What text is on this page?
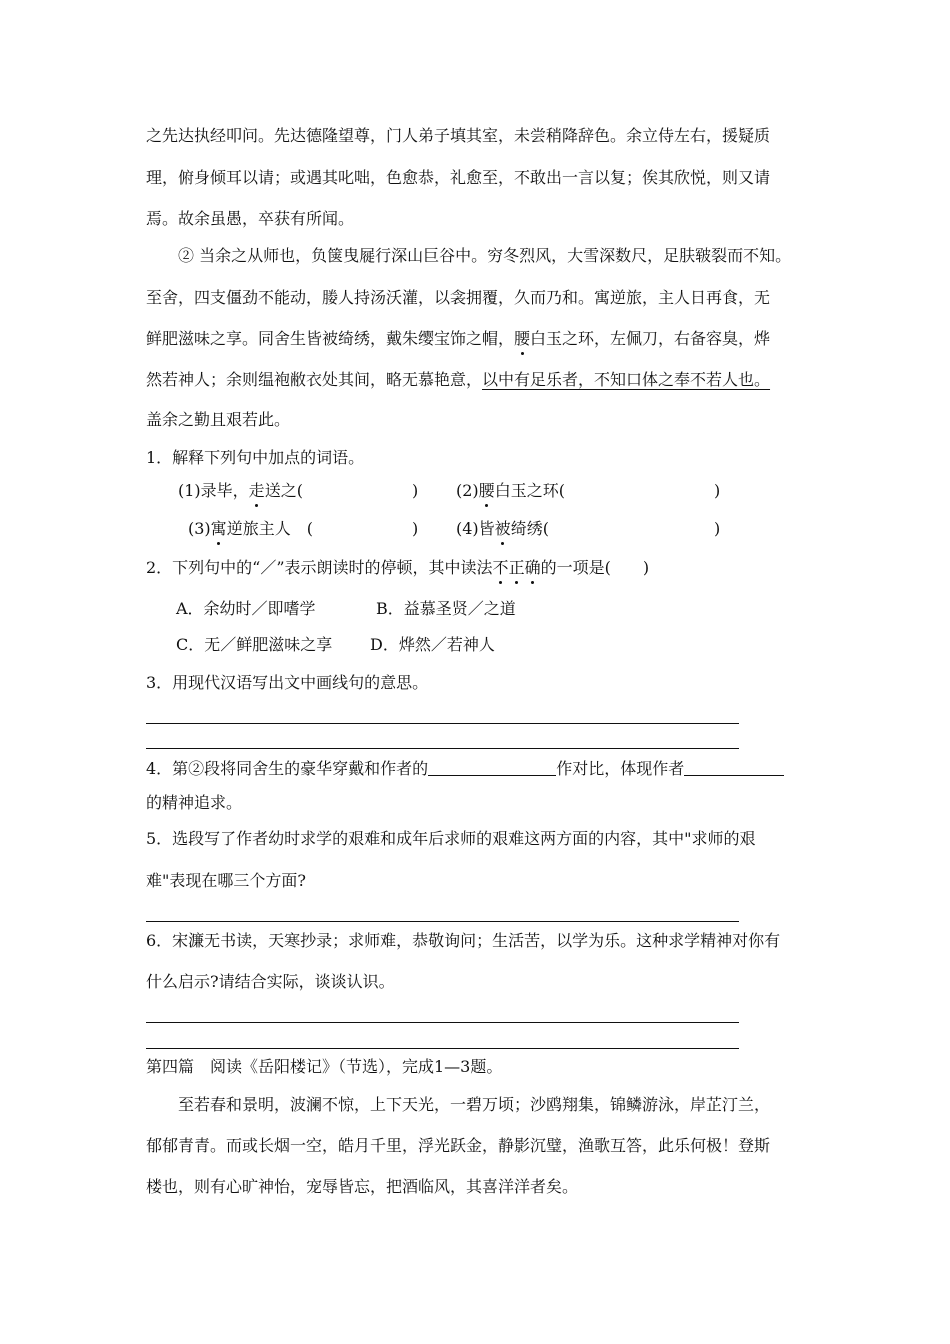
之先达执经叩问。先达德隆望尊，门人弟子填其室，未尝稍降辞色。余立侍左右，援疑质
理，俯身倾耳以请；或遇其叱咄，色愈恭，礼愈至，不敢出一言以复；俟其欣悦，则又请
焉。故余虽愚，卒获有所闻。
② 当余之从师也，负箧曳屣行深山巨谷中。穷冬烈风，大雪深数尺，足肤皲裂而不知。
至舍，四支僵劲不能动，媵人持汤沃灌，以衾拥覆，久而乃和。寓逆旅，主人日再食，无
鲜肥滋味之享。同舍生皆被绮绣，戴朱缨宝饰之帽，腰白玉之环，左佩刀，右备容臭，烨
然若神人；余则缊袍敝衣处其间，略无慕艳意，以中有足乐者，不知口体之奉不若人也。
盖余之勤且艰若此。
1．解释下列句中加点的词语。
(1)录毕，走送之(	) (2)腰白玉之环(	)
(3)寓逆旅主人　(	) (4)皆被绮绣(	)
2．下列句中的“／”表示朗读时的停顿，其中读法不正确的一项是(　　)
A．余幼时／即嗜学	B．益慕圣贤／之道
C．无／鲜肥滋味之享 D．烨然／若神人
3．用现代汉语写出文中画线句的意思。
4．第②段将同舍生的豪华穿戴和作者的	作对比，体现作者
的精神追求。
5．选段写了作者幼时求学的艰难和成年后求师的艰难这两方面的内容，其中"求师的艰
难"表现在哪三个方面?
6．宋濂无书读，天寒抄录；求师难，恭敬询问；生活苦，以学为乐。这种求学精神对你有
什么启示?请结合实际，谈谈认识。
第四篇　阅读《岳阳楼记》（节选），完成1—3题。
至若春和景明，波澜不惊，上下天光，一碧万顷；沙鸥翔集，锦鳞游泳，岸芷汀兰，
郁郁青青。而或长烟一空，皓月千里，浮光跃金，静影沉璧，渔歌互答，此乐何极！登斯
楼也，则有心旷神怡，宠辱皆忘，把酒临风，其喜洋洋者矣。
